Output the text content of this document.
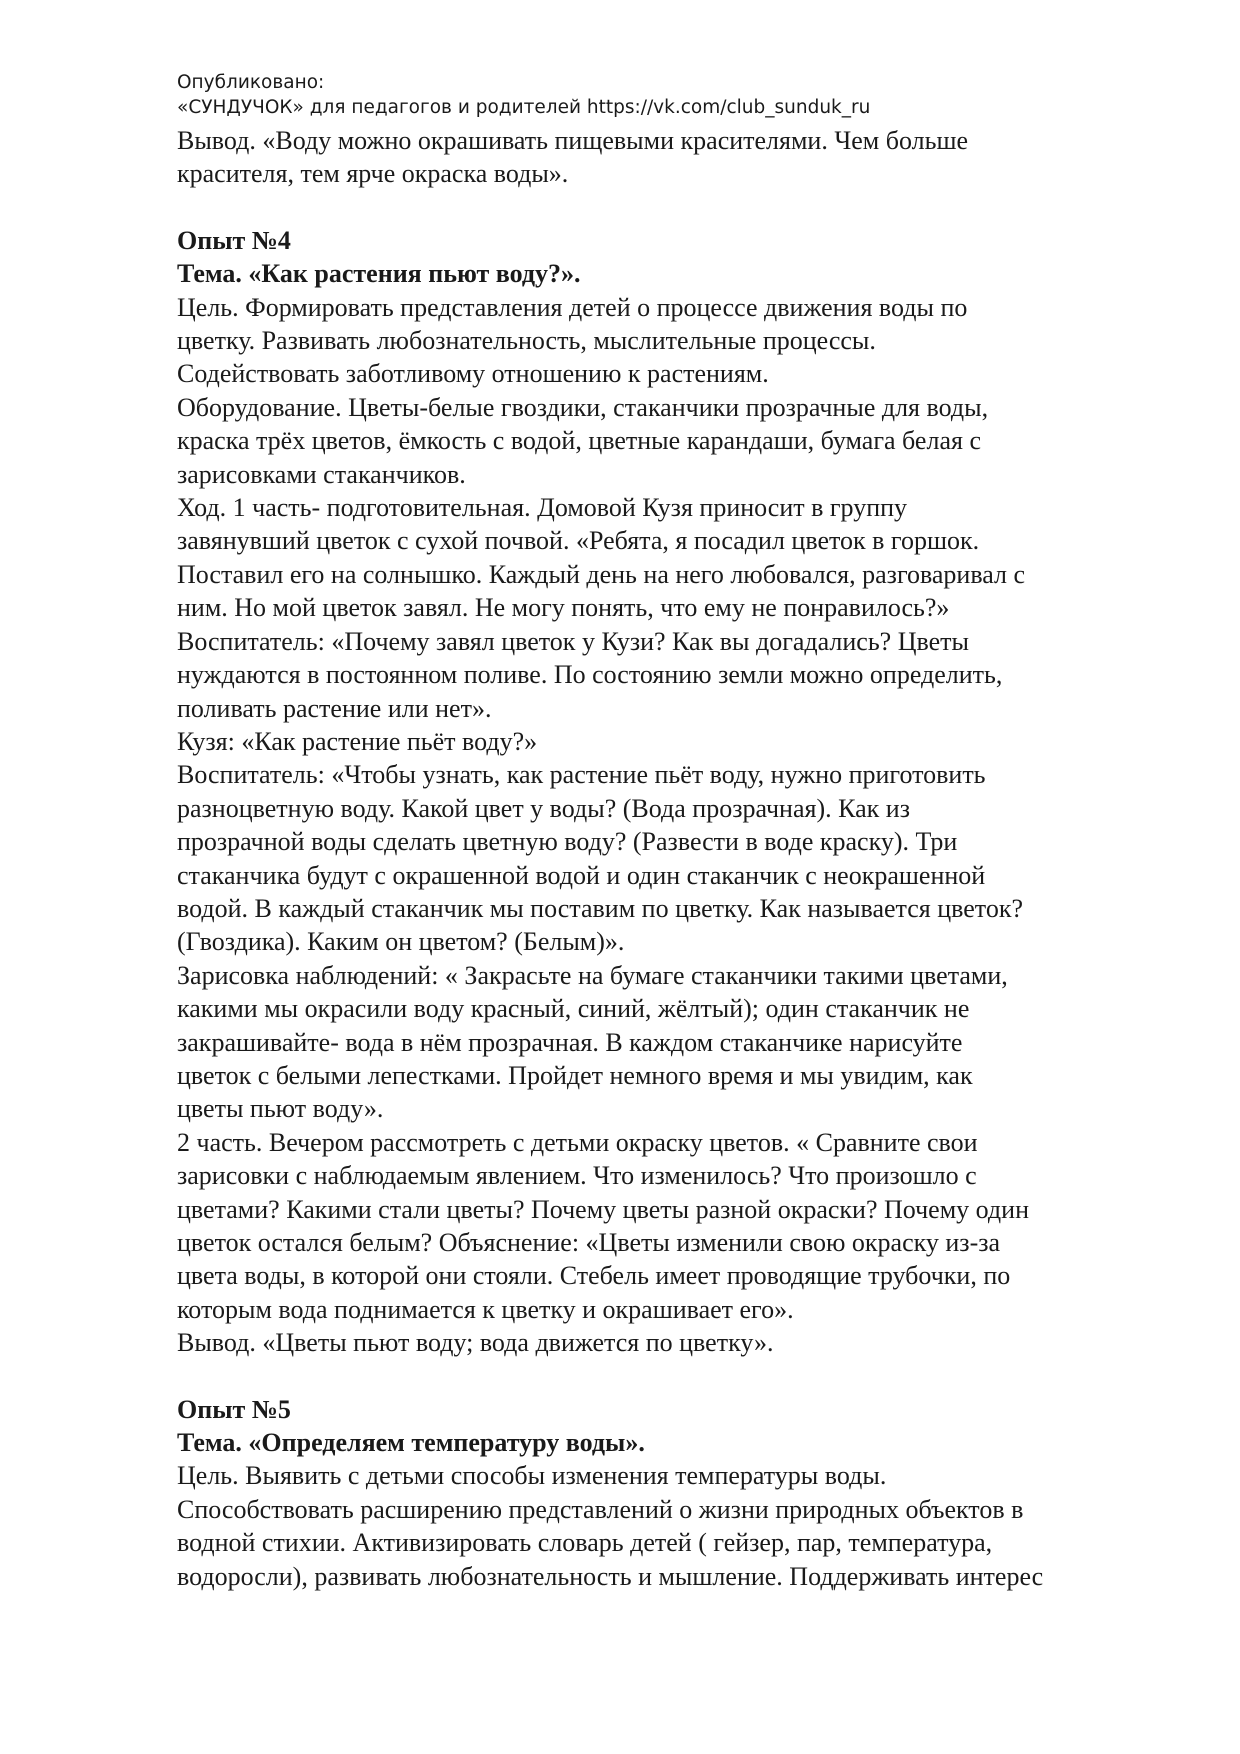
Опубликовано:
«СУНДУЧОК» для педагогов и родителей https://vk.com/club_sunduk_ru
Вывод. «Воду можно окрашивать пищевыми красителями. Чем больше
красителя, тем ярче окраска воды».
Опыт №4
Тема. «Как растения пьют воду?».
Цель. Формировать представления детей о процессе движения воды по
цветку. Развивать любознательность, мыслительные процессы.
Содействовать заботливому отношению к растениям.
Оборудование. Цветы-белые гвоздики, стаканчики прозрачные для воды,
краска трёх цветов, ёмкость с водой, цветные карандаши, бумага белая с
зарисовками стаканчиков.
Ход. 1 часть- подготовительная. Домовой Кузя приносит в группу
завянувший цветок с сухой почвой. «Ребята, я посадил цветок в горшок.
Поставил его на солнышко. Каждый день на него любовался, разговаривал с
ним. Но мой цветок завял. Не могу понять, что ему не понравилось?»
Воспитатель: «Почему завял цветок у Кузи? Как вы догадались? Цветы
нуждаются в постоянном поливе. По состоянию земли можно определить,
поливать растение или нет».
Кузя: «Как растение пьёт воду?»
Воспитатель: «Чтобы узнать, как растение пьёт воду, нужно приготовить
разноцветную воду. Какой цвет у воды? (Вода прозрачная). Как из
прозрачной воды сделать цветную воду? (Развести в воде краску). Три
стаканчика будут с окрашенной водой и один стаканчик с неокрашенной
водой. В каждый стаканчик мы поставим по цветку. Как называется цветок?
(Гвоздика). Каким он цветом? (Белым)».
Зарисовка наблюдений: « Закрасьте на бумаге стаканчики такими цветами,
какими мы окрасили воду красный, синий, жёлтый); один стаканчик не
закрашивайте- вода в нём прозрачная. В каждом стаканчике нарисуйте
цветок с белыми лепестками. Пройдет немного время и мы увидим, как
цветы пьют воду».
2 часть. Вечером рассмотреть с детьми окраску цветов. « Сравните свои
зарисовки с наблюдаемым явлением. Что изменилось? Что произошло с
цветами? Какими стали цветы? Почему цветы разной окраски? Почему один
цветок остался белым? Объяснение: «Цветы изменили свою окраску из-за
цвета воды, в которой они стояли. Стебель имеет проводящие трубочки, по
которым вода поднимается к цветку и окрашивает его».
Вывод. «Цветы пьют воду; вода движется по цветку».
Опыт №5
Тема. «Определяем температуру воды».
Цель. Выявить с детьми способы изменения температуры воды.
Способствовать расширению представлений о жизни природных объектов в
водной стихии. Активизировать словарь детей ( гейзер, пар, температура,
водоросли), развивать любознательность и мышление. Поддерживать интерес
